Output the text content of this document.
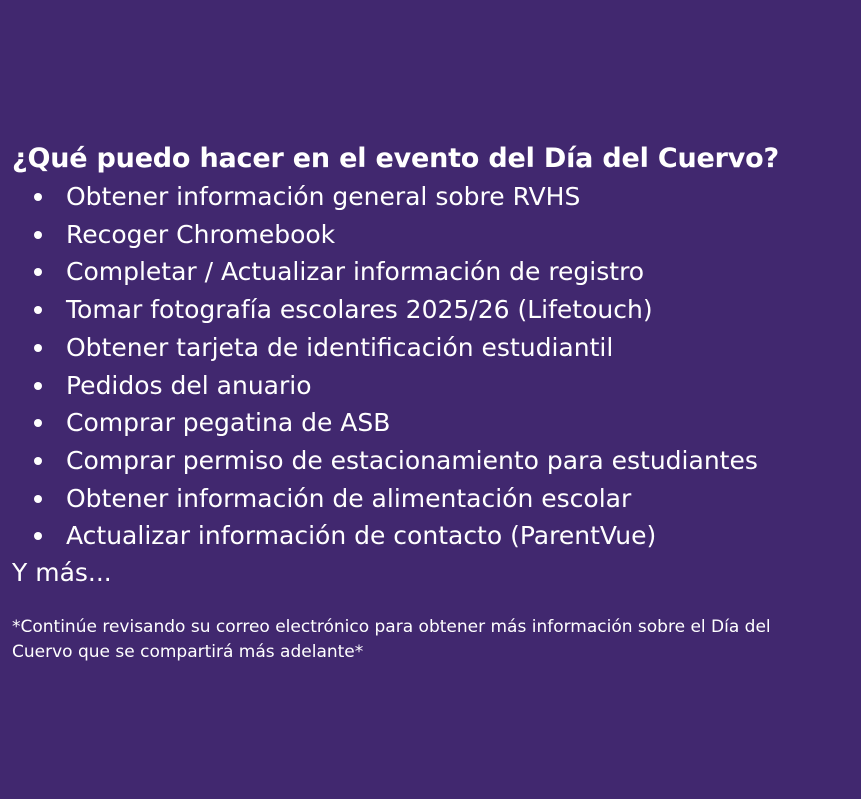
¿Qué puedo hacer en el evento del Día del Cuervo?
Obtener información general sobre RVHS
Recoger Chromebook
Completar / Actualizar información de registro
Tomar fotografía escolares 2025/26 (Lifetouch)
Obtener tarjeta de identificación estudiantil
Pedidos del anuario
Comprar pegatina de ASB
Comprar permiso de estacionamiento para estudiantes
Obtener información de alimentación escolar
Actualizar información de contacto (ParentVue)

Y más...

*Continúe revisando su correo electrónico para obtener más información sobre el Día del Cuervo que se compartirá más adelante*
